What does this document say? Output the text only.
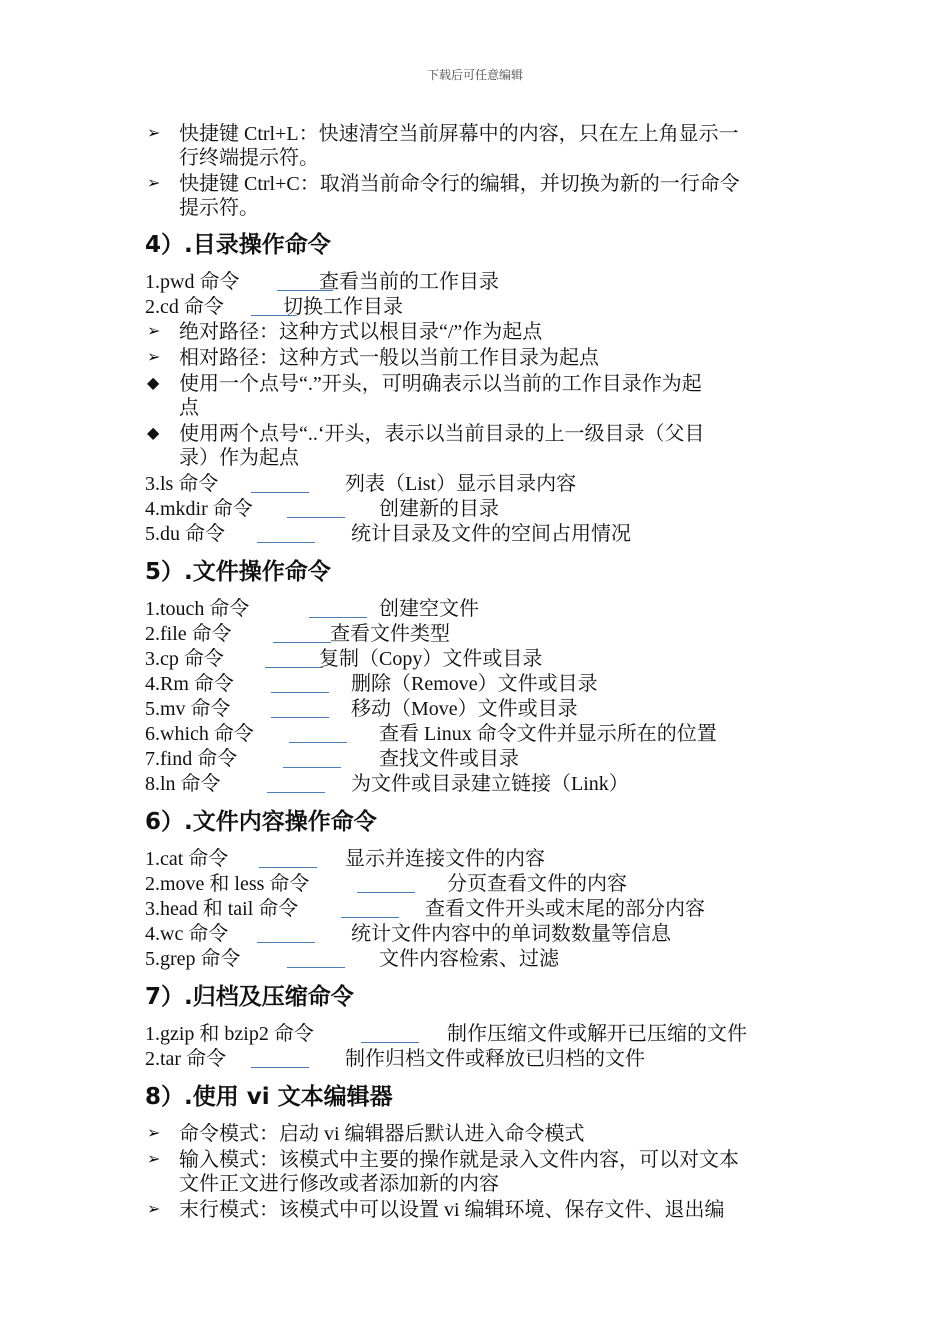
下载后可任意编辑
➢ 快捷键 Ctrl+L：快速清空当前屏幕中的内容，只在左上角显示一
行终端提示符。
➢ 快捷键 Ctrl+C：取消当前命令行的编辑，并切换为新的一行命令
提示符。
4）.目录操作命令
1.pwd 命令	查看当前的工作目录
2.cd 命令	切换工作目录
➢ 绝对路径：这种方式以根目录“/”作为起点
➢ 相对路径：这种方式一般以当前工作目录为起点
◆ 使用一个点号“.”开头，可明确表示以当前的工作目录作为起
点
◆ 使用两个点号“..‘开头，表示以当前目录的上一级目录（父目
录）作为起点
3.ls 命令	列表（List）显示目录内容
4.mkdir 命令	创建新的目录
5.du 命令	统计目录及文件的空间占用情况
5）.文件操作命令
1.touch 命令	创建空文件
2.file 命令	查看文件类型
3.cp 命令	复制（Copy）文件或目录
4.Rm 命令	删除（Remove）文件或目录
5.mv 命令	移动（Move）文件或目录
6.which 命令	查看 Linux 命令文件并显示所在的位置
7.find 命令	查找文件或目录
8.ln 命令	为文件或目录建立链接（Link）
6）.文件内容操作命令
1.cat 命令	显示并连接文件的内容
2.move 和 less 命令	分页查看文件的内容
3.head 和 tail 命令	查看文件开头或末尾的部分内容
4.wc 命令	统计文件内容中的单词数数量等信息
5.grep 命令	文件内容检索、过滤
7）.归档及压缩命令
1.gzip 和 bzip2 命令	制作压缩文件或解开已压缩的文件
2.tar 命令	制作归档文件或释放已归档的文件
8）.使用 vi 文本编辑器
➢ 命令模式：启动 vi 编辑器后默认进入命令模式
➢ 输入模式：该模式中主要的操作就是录入文件内容，可以对文本
文件正文进行修改或者添加新的内容
➢ 末行模式：该模式中可以设置 vi 编辑环境、保存文件、退出编
